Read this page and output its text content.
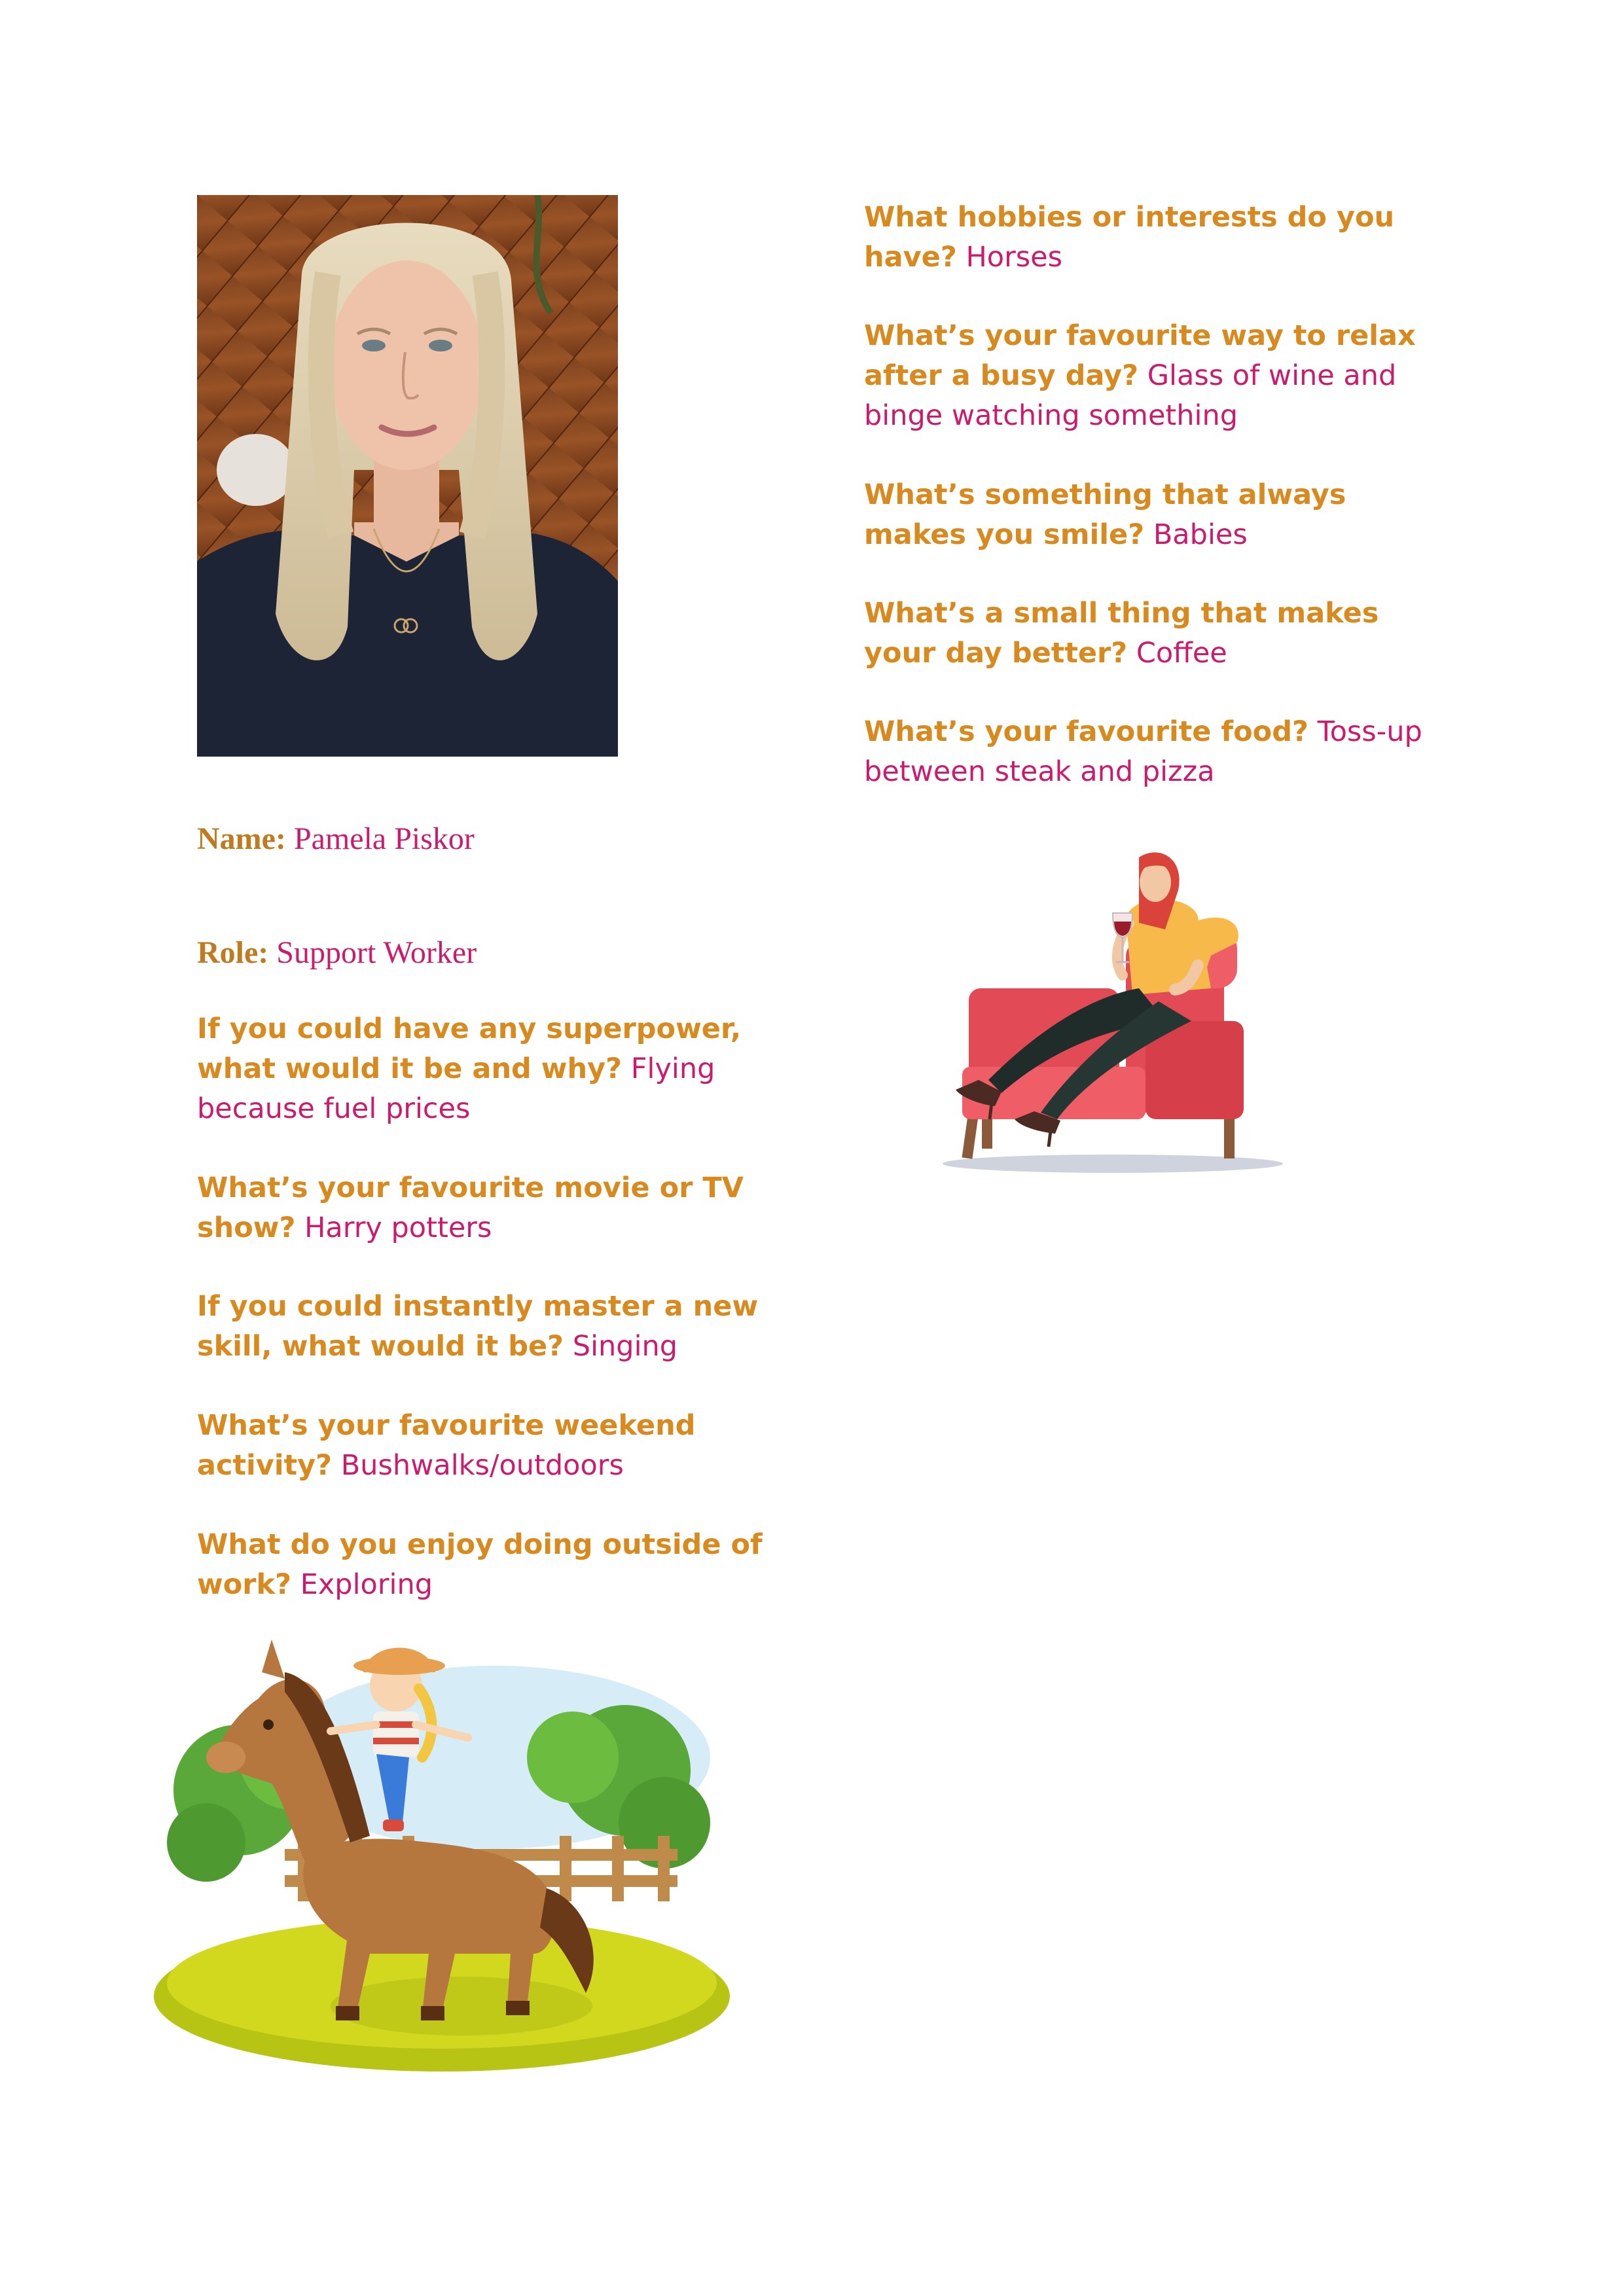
Name: Pamela Piskor

Role: Support Worker

If you could have any superpower, what would it be and why? Flying because fuel prices

What’s your favourite movie or TV show? Harry potters

If you could instantly master a new skill, what would it be? Singing

What’s your favourite weekend activity? Bushwalks/outdoors

What do you enjoy doing outside of work? Exploring

What hobbies or interests do you have? Horses

What’s your favourite way to relax after a busy day? Glass of wine and binge watching something

What’s something that always makes you smile? Babies

What’s a small thing that makes your day better? Coffee

What’s your favourite food? Toss-up between steak and pizza
